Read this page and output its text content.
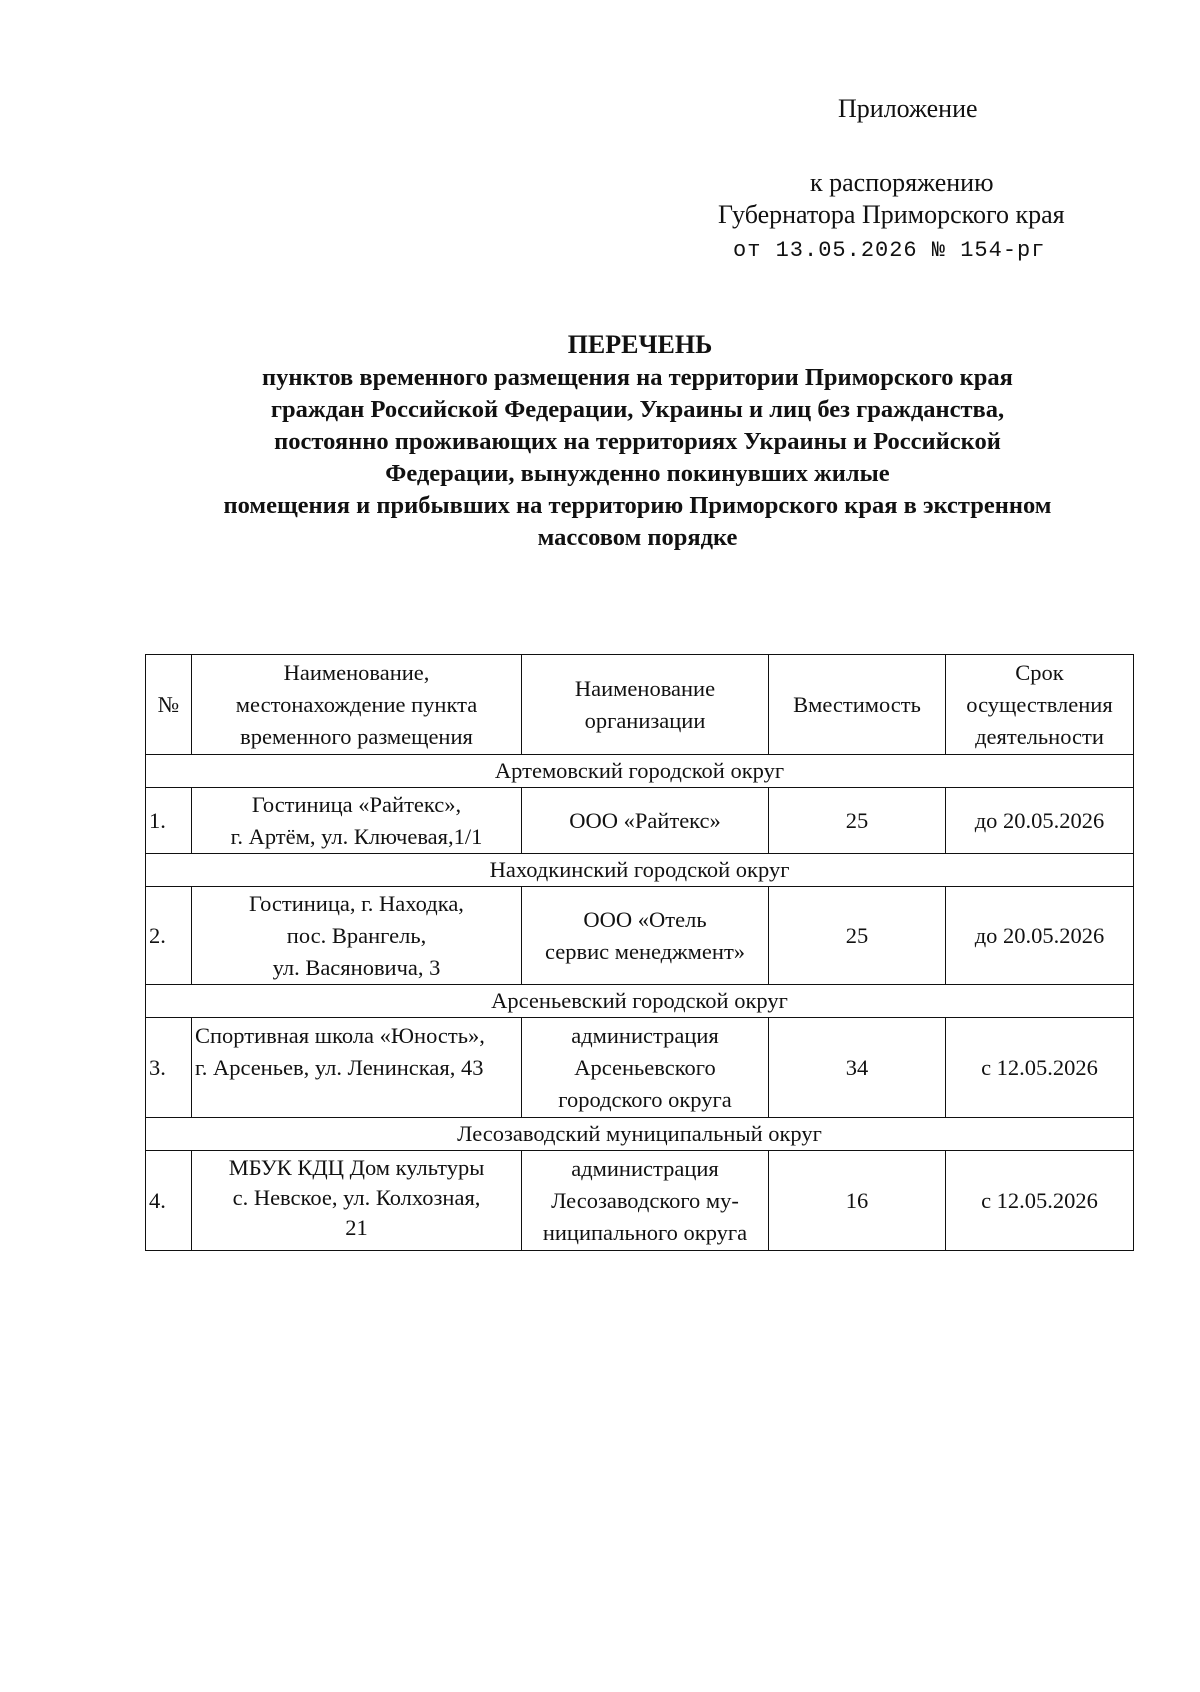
Приложение
к распоряжению
Губернатора Приморского края
от 13.05.2026 № 154-рг
ПЕРЕЧЕНЬ
пунктов временного размещения на территории Приморского края
граждан Российской Федерации, Украины и лиц без гражданства,
постоянно проживающих на территориях Украины и Российской
Федерации, вынужденно покинувших жилые
помещения и прибывших на территорию Приморского края в экстренном
массовом порядке
№	Наименование,
местонахождение пункта
временного размещения	Наименование
организации	Вместимость	Срок
осуществления
деятельности
Артемовский городской округ				
1.	Гостиница «Райтекс»,
г. Артём, ул. Ключевая,1/1	ООО «Райтекс»	25	до 20.05.2026
Находкинский городской округ				
2.	Гостиница, г. Находка,
пос. Врангель,
ул. Васяновича, 3	ООО «Отель
сервис менеджмент»	25	до 20.05.2026
Арсеньевский городской округ				
3.	Спортивная школа «Юность»,
г. Арсеньев, ул. Ленинская, 43	администрация
Арсеньевского
городского округа	34	с 12.05.2026
Лесозаводский муниципальный округ				
4.	МБУК КДЦ Дом культуры
с. Невское, ул. Колхозная,
21	администрация
Лесозаводского му-
ниципального округа	16	с 12.05.2026
